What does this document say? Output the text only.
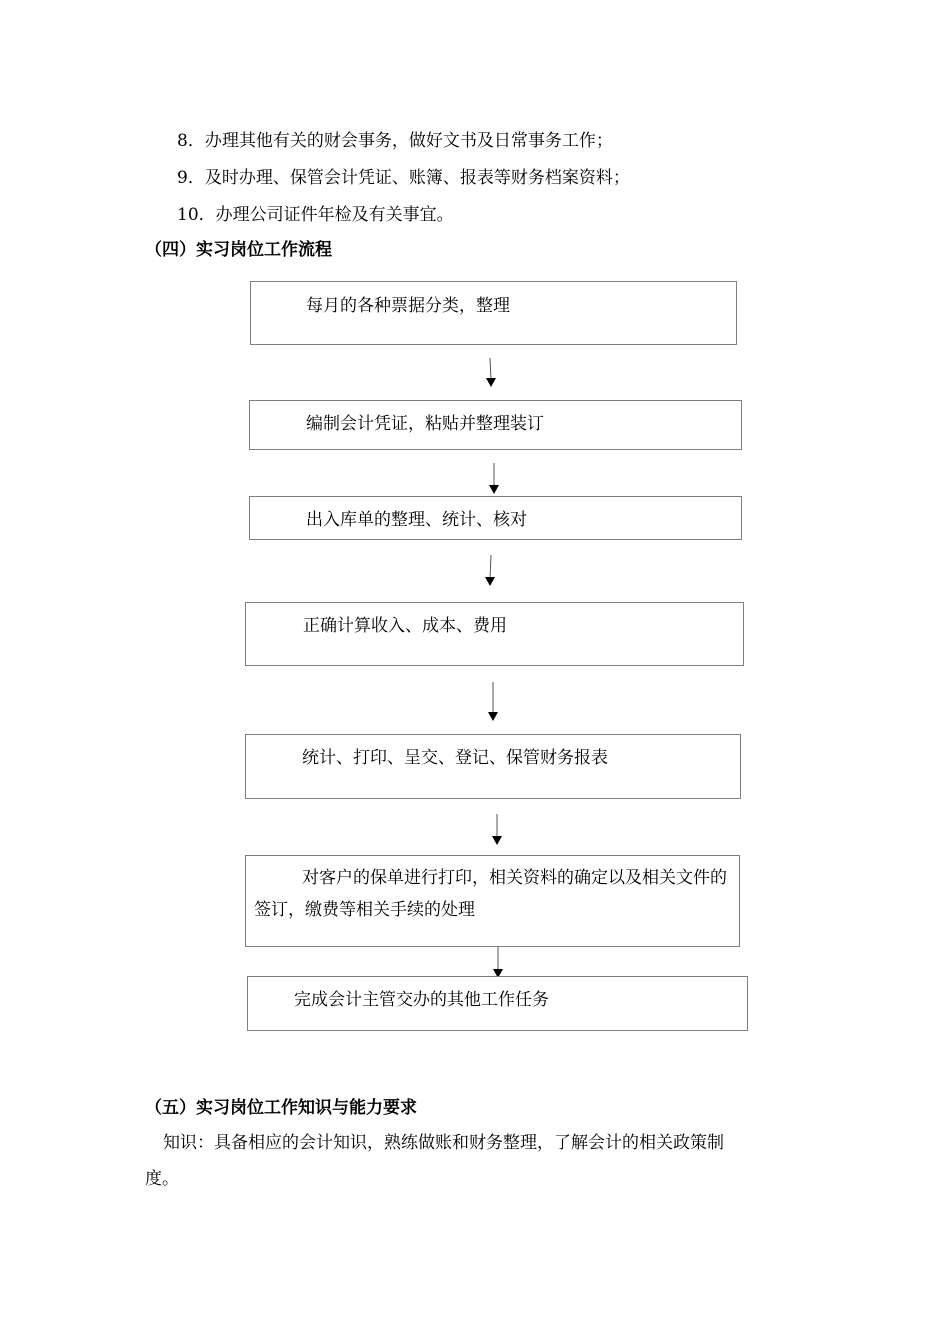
8．办理其他有关的财会事务，做好文书及日常事务工作；
9．及时办理、保管会计凭证、账簿、报表等财务档案资料；
10．办理公司证件年检及有关事宜。
（四）实习岗位工作流程
每月的各种票据分类，整理
编制会计凭证，粘贴并整理装订
出入库单的整理、统计、核对
正确计算收入、成本、费用
统计、打印、呈交、登记、保管财务报表
对客户的保单进行打印，相关资料的确定以及相关文件的签订，缴费等相关手续的处理
完成会计主管交办的其他工作任务
（五）实习岗位工作知识与能力要求
知识：具备相应的会计知识，熟练做账和财务整理，了解会计的相关政策制
度。
